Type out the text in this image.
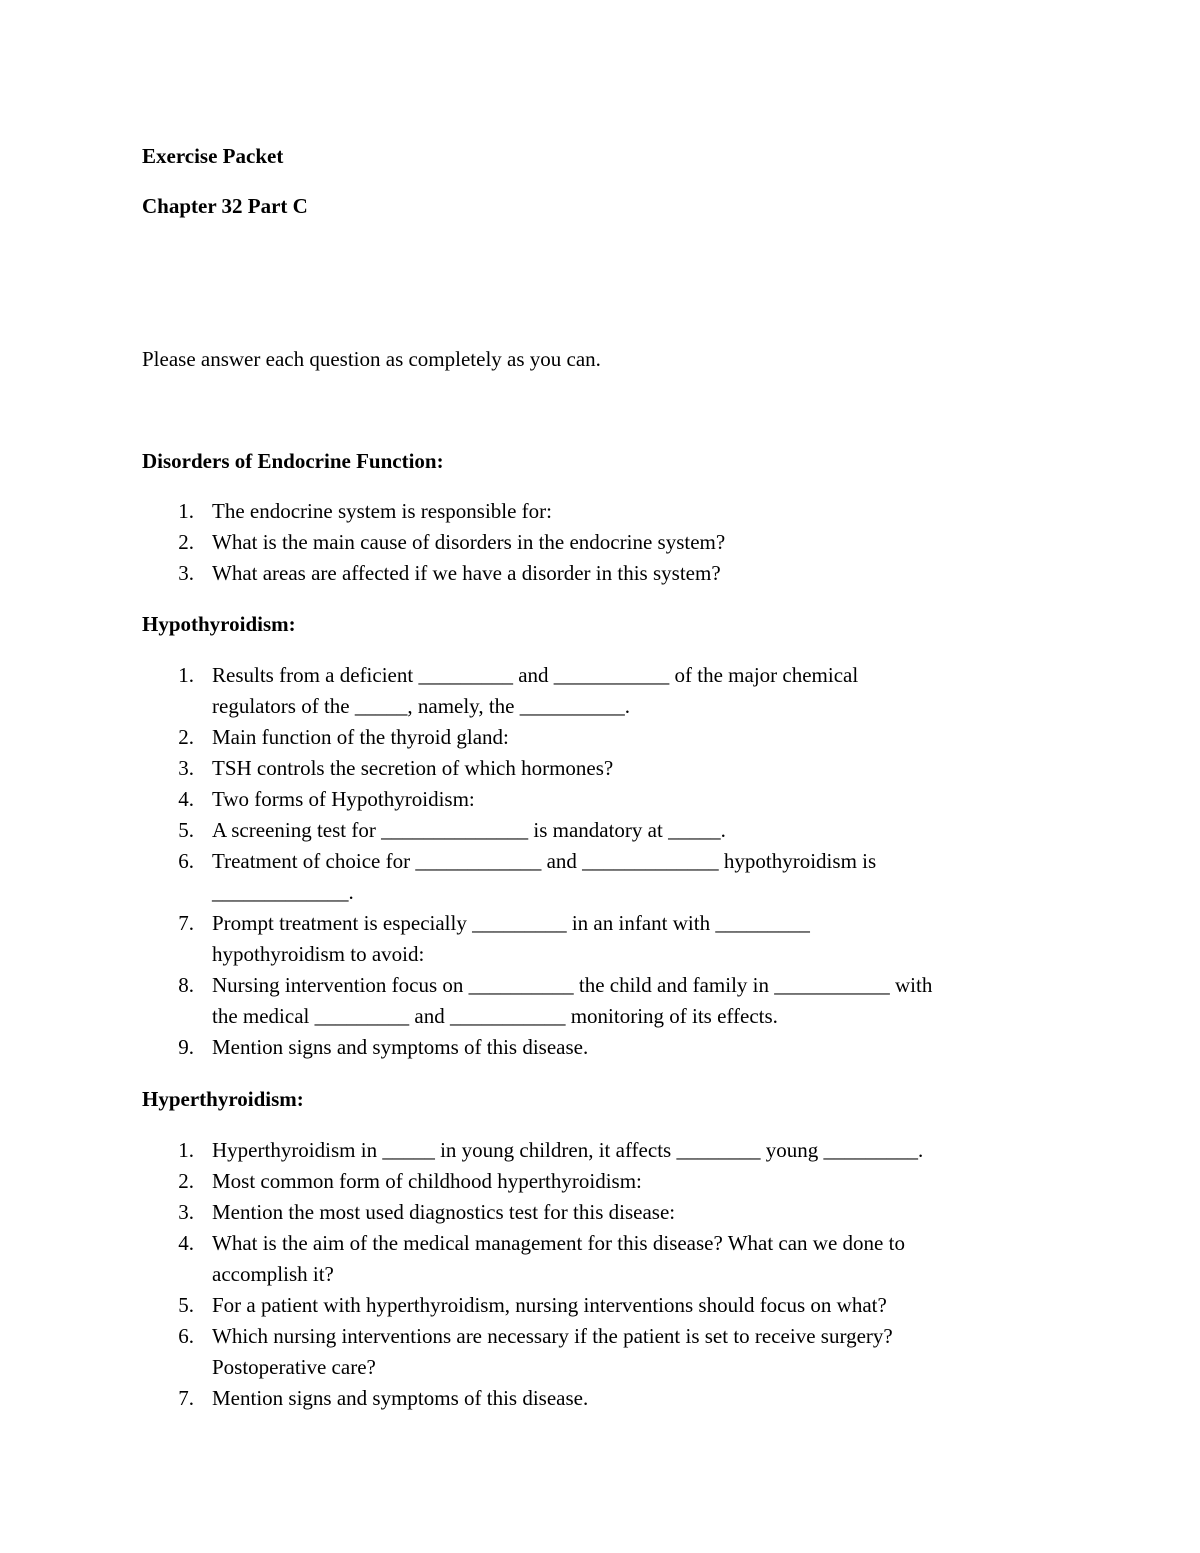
Exercise Packet

Chapter 32 Part C

Please answer each question as completely as you can.

Disorders of Endocrine Function:

1. The endocrine system is responsible for:
2. What is the main cause of disorders in the endocrine system?
3. What areas are affected if we have a disorder in this system?

Hypothyroidism:

1. Results from a deficient _________ and ___________ of the major chemical
regulators of the _____, namely, the __________.
2. Main function of the thyroid gland:
3. TSH controls the secretion of which hormones?
4. Two forms of Hypothyroidism:
5. A screening test for ______________ is mandatory at _____.
6. Treatment of choice for ____________ and _____________ hypothyroidism is
_____________.
7. Prompt treatment is especially _________ in an infant with _________
hypothyroidism to avoid:
8. Nursing intervention focus on __________ the child and family in ___________ with
the medical _________ and ___________ monitoring of its effects.
9. Mention signs and symptoms of this disease.

Hyperthyroidism:

1. Hyperthyroidism in _____ in young children, it affects ________ young _________.
2. Most common form of childhood hyperthyroidism:
3. Mention the most used diagnostics test for this disease:
4. What is the aim of the medical management for this disease? What can we done to
accomplish it?
5. For a patient with hyperthyroidism, nursing interventions should focus on what?
6. Which nursing interventions are necessary if the patient is set to receive surgery?
Postoperative care?
7. Mention signs and symptoms of this disease.
